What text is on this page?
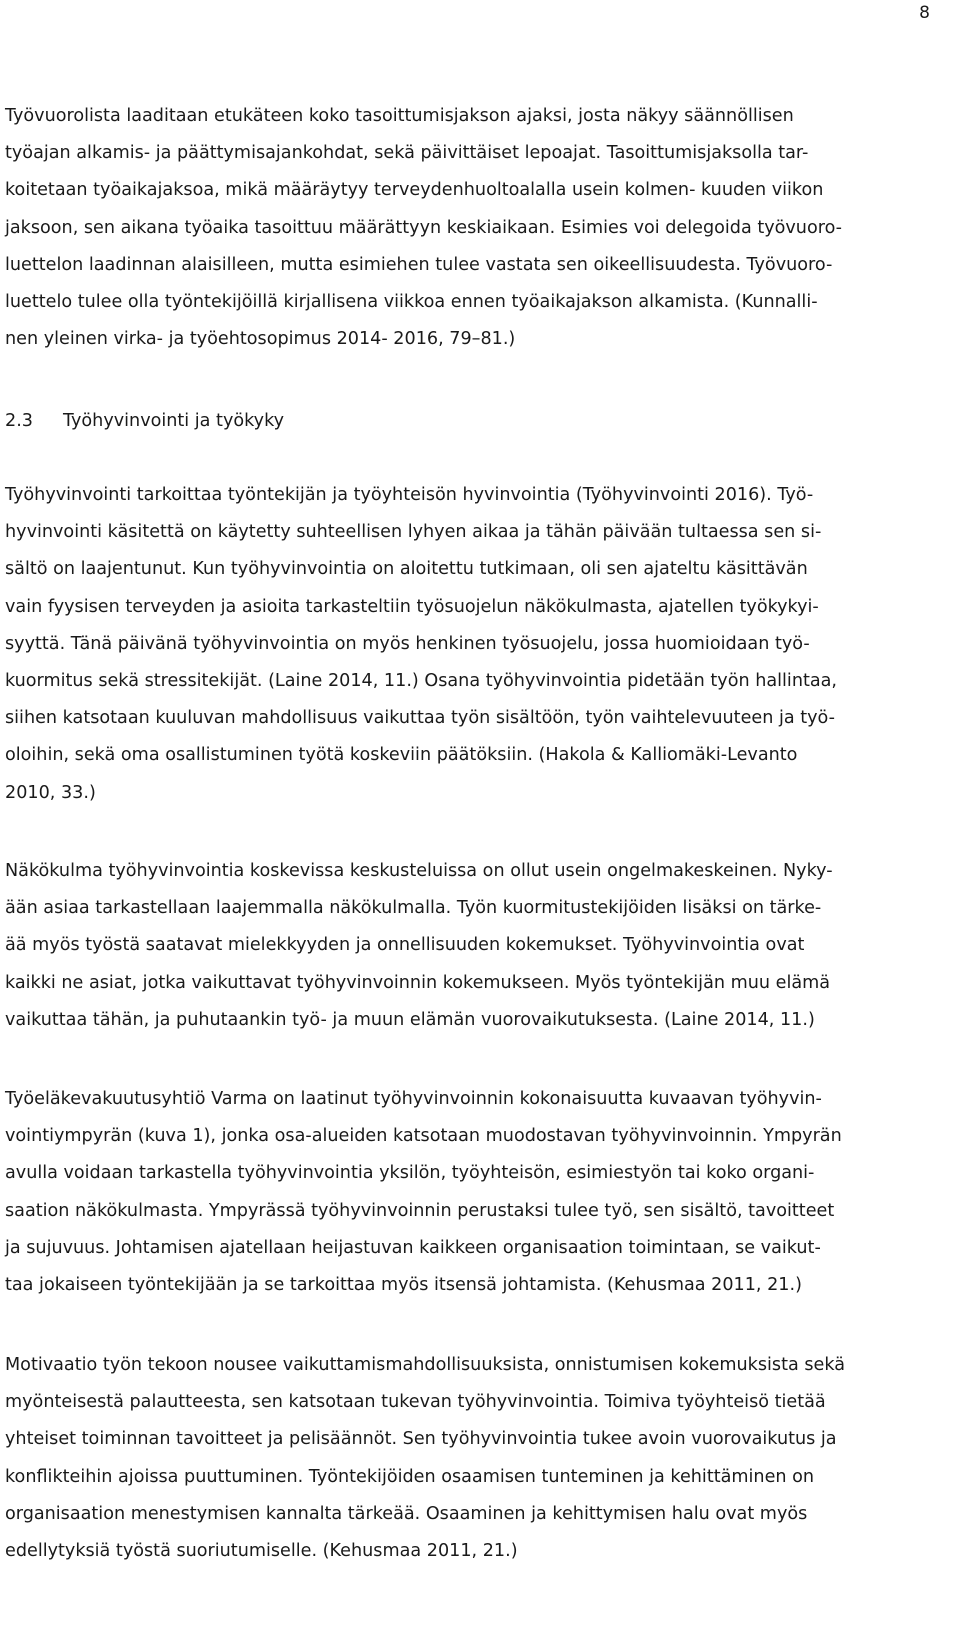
8
Työvuorolista laaditaan etukäteen koko tasoittumisjakson ajaksi, josta näkyy säännöllisen
työajan alkamis- ja päättymisajankohdat, sekä päivittäiset lepoajat. Tasoittumisjaksolla tar-
koitetaan työaikajaksoa, mikä määräytyy terveydenhuoltoalalla usein kolmen- kuuden viikon
jaksoon, sen aikana työaika tasoittuu määrättyyn keskiaikaan. Esimies voi delegoida työvuoro-
luettelon laadinnan alaisilleen, mutta esimiehen tulee vastata sen oikeellisuudesta. Työvuoro-
luettelo tulee olla työntekijöillä kirjallisena viikkoa ennen työaikajakson alkamista. (Kunnalli-
nen yleinen virka- ja työehtosopimus 2014- 2016, 79–81.)
2.3 Työhyvinvointi ja työkyky
Työhyvinvointi tarkoittaa työntekijän ja työyhteisön hyvinvointia (Työhyvinvointi 2016). Työ-
hyvinvointi käsitettä on käytetty suhteellisen lyhyen aikaa ja tähän päivään tultaessa sen si-
sältö on laajentunut. Kun työhyvinvointia on aloitettu tutkimaan, oli sen ajateltu käsittävän
vain fyysisen terveyden ja asioita tarkasteltiin työsuojelun näkökulmasta, ajatellen työkykyi-
syyttä. Tänä päivänä työhyvinvointia on myös henkinen työsuojelu, jossa huomioidaan työ-
kuormitus sekä stressitekijät. (Laine 2014, 11.) Osana työhyvinvointia pidetään työn hallintaa,
siihen katsotaan kuuluvan mahdollisuus vaikuttaa työn sisältöön, työn vaihtelevuuteen ja työ-
oloihin, sekä oma osallistuminen työtä koskeviin päätöksiin. (Hakola & Kalliomäki-Levanto
2010, 33.)
Näkökulma työhyvinvointia koskevissa keskusteluissa on ollut usein ongelmakeskeinen. Nyky-
ään asiaa tarkastellaan laajemmalla näkökulmalla. Työn kuormitustekijöiden lisäksi on tärke-
ää myös työstä saatavat mielekkyyden ja onnellisuuden kokemukset. Työhyvinvointia ovat
kaikki ne asiat, jotka vaikuttavat työhyvinvoinnin kokemukseen. Myös työntekijän muu elämä
vaikuttaa tähän, ja puhutaankin työ- ja muun elämän vuorovaikutuksesta. (Laine 2014, 11.)
Työeläkevakuutusyhtiö Varma on laatinut työhyvinvoinnin kokonaisuutta kuvaavan työhyvin-
vointiympyrän (kuva 1), jonka osa-alueiden katsotaan muodostavan työhyvinvoinnin. Ympyrän
avulla voidaan tarkastella työhyvinvointia yksilön, työyhteisön, esimiestyön tai koko organi-
saation näkökulmasta. Ympyrässä työhyvinvoinnin perustaksi tulee työ, sen sisältö, tavoitteet
ja sujuvuus. Johtamisen ajatellaan heijastuvan kaikkeen organisaation toimintaan, se vaikut-
taa jokaiseen työntekijään ja se tarkoittaa myös itsensä johtamista. (Kehusmaa 2011, 21.)
Motivaatio työn tekoon nousee vaikuttamismahdollisuuksista, onnistumisen kokemuksista sekä
myönteisestä palautteesta, sen katsotaan tukevan työhyvinvointia. Toimiva työyhteisö tietää
yhteiset toiminnan tavoitteet ja pelisäännöt. Sen työhyvinvointia tukee avoin vuorovaikutus ja
konflikteihin ajoissa puuttuminen. Työntekijöiden osaamisen tunteminen ja kehittäminen on
organisaation menestymisen kannalta tärkeää. Osaaminen ja kehittymisen halu ovat myös
edellytyksiä työstä suoriutumiselle. (Kehusmaa 2011, 21.)
